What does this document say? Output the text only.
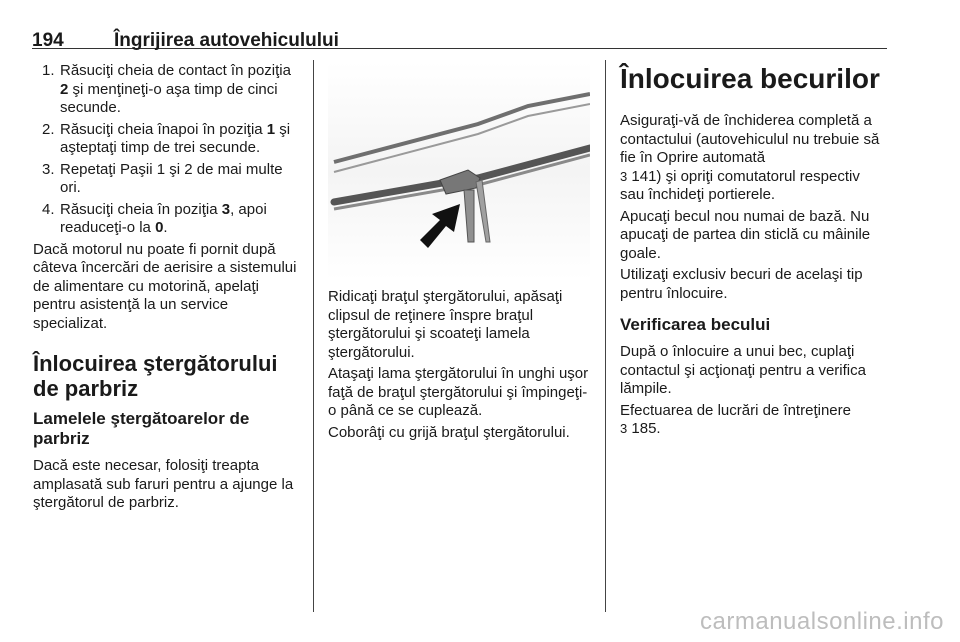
194	Îngrijirea autovehiculului
1. Răsuciţi cheia de contact în poziţia 2 şi menţineţi-o aşa timp de cinci secunde.
2. Răsuciţi cheia înapoi în poziţia 1 şi aşteptaţi timp de trei secunde.
3. Repetaţi Paşii 1 şi 2 de mai multe ori.
4. Răsuciţi cheia în poziţia 3, apoi readuceţi-o la 0.

Dacă motorul nu poate fi pornit după câteva încercări de aerisire a sistemului de alimentare cu motorină, apelaţi pentru asistenţă la un service specializat.

Înlocuirea ştergătorului de parbriz
Lamelele ştergătoarelor de parbriz

Dacă este necesar, folosiţi treapta amplasată sub faruri pentru a ajunge la ştergătorul de parbriz.

Ridicaţi braţul ştergătorului, apăsaţi clipsul de reţinere înspre braţul ştergătorului şi scoateţi lamela ştergătorului.

Ataşaţi lama ştergătorului în unghi uşor faţă de braţul ştergătorului şi împingeţi-o până ce se cuplează.

Coborâţi cu grijă braţul ştergătorului.

Înlocuirea becurilor

Asiguraţi-vă de închiderea completă a contactului (autovehiculul nu trebuie să fie în Oprire automată
3 141) şi opriţi comutatorul respectiv sau închideţi portierele.

Apucaţi becul nou numai de bază. Nu apucaţi de partea din sticlă cu mâinile goale.

Utilizaţi exclusiv becuri de acelaşi tip pentru înlocuire.

Verificarea becului

După o înlocuire a unui bec, cuplaţi contactul şi acţionaţi pentru a verifica lămpile.

Efectuarea de lucrări de întreţinere
3 185.

carmanualsonline.info
